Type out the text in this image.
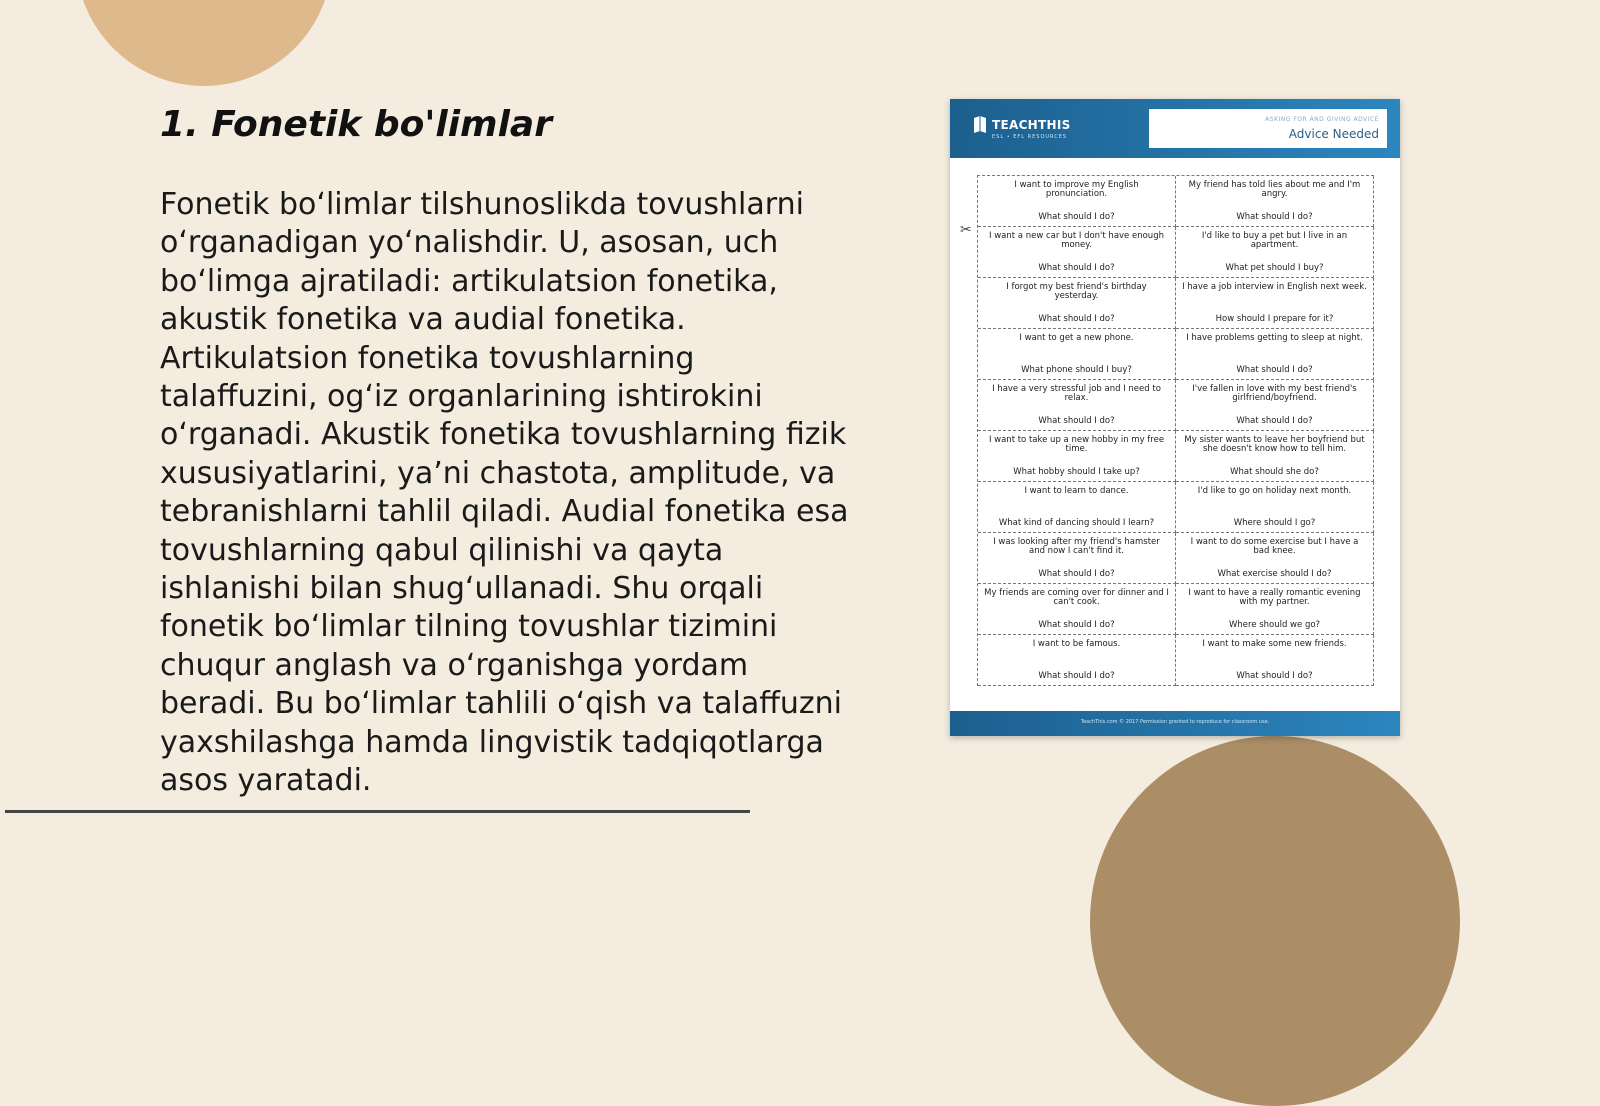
1. Fonetik bo'limlar

Fonetik bo‘limlar tilshunoslikda tovushlarni o‘rganadigan yo‘nalishdir. U, asosan, uch bo‘limga ajratiladi: artikulatsion fonetika, akustik fonetika va audial fonetika. Artikulatsion fonetika tovushlarning talaffuzini, og‘iz organlarining ishtirokini o‘rganadi. Akustik fonetika tovushlarning fizik xususiyatlarini, ya’ni chastota, amplitude, va tebranishlarni tahlil qiladi. Audial fonetika esa tovushlarning qabul qilinishi va qayta ishlanishi bilan shug‘ullanadi. Shu orqali fonetik bo‘limlar tilning tovushlar tizimini chuqur anglash va o‘rganishga yordam beradi. Bu bo‘limlar tahlili o‘qish va talaffuzni yaxshilashga hamda lingvistik tadqiqotlarga asos yaratadi.

TEACHTHIS
ESL • EFL RESOURCES
ASKING FOR AND GIVING ADVICE
Advice Needed
✂
I want to improve my English pronunciation.
What should I do?
My friend has told lies about me and I'm angry.
What should I do?
I want a new car but I don't have enough money.
What should I do?
I'd like to buy a pet but I live in an apartment.
What pet should I buy?
I forgot my best friend's birthday yesterday.
What should I do?
I have a job interview in English next week.
How should I prepare for it?
I want to get a new phone.
What phone should I buy?
I have problems getting to sleep at night.
What should I do?
I have a very stressful job and I need to relax.
What should I do?
I've fallen in love with my best friend's girlfriend/boyfriend.
What should I do?
I want to take up a new hobby in my free time.
What hobby should I take up?
My sister wants to leave her boyfriend but she doesn't know how to tell him.
What should she do?
I want to learn to dance.
What kind of dancing should I learn?
I'd like to go on holiday next month.
Where should I go?
I was looking after my friend's hamster and now I can't find it.
What should I do?
I want to do some exercise but I have a bad knee.
What exercise should I do?
My friends are coming over for dinner and I can't cook.
What should I do?
I want to have a really romantic evening with my partner.
Where should we go?
I want to be famous.
What should I do?
I want to make some new friends.
What should I do?
TeachThis.com © 2017 Permission granted to reproduce for classroom use.
